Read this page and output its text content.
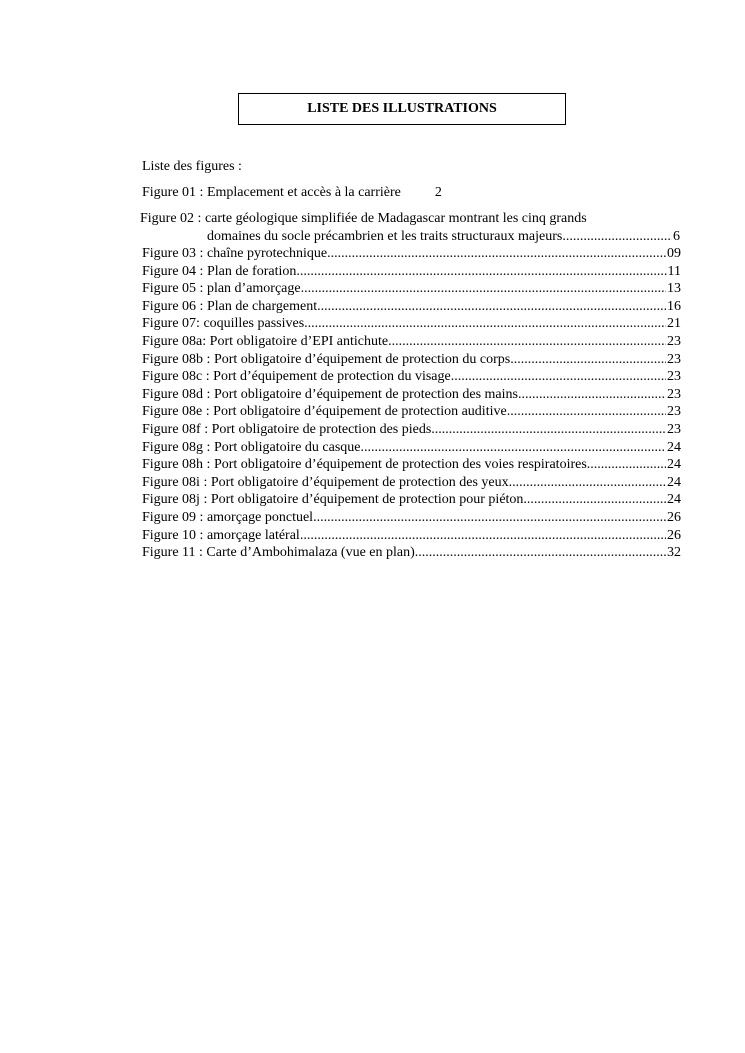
LISTE DES ILLUSTRATIONS
Liste des figures :
Figure 01 : Emplacement et accès à la carrière 2
Figure 02 : carte géologique simplifiée de Madagascar montrant les cinq grands
domaines du socle précambrien et les traits structuraux majeurs .....	6
Figure 03 : chaîne pyrotechnique .....	09
Figure 04 : Plan de foration .....	11
Figure 05 : plan d’amorçage .....	13
Figure 06 : Plan de chargement .....	16
Figure 07: coquilles passives .....	21
Figure 08a: Port obligatoire d’EPI antichute .....	23
Figure 08b : Port obligatoire d’équipement de protection du corps .....	23
Figure 08c : Port d’équipement de protection du visage .....	23
Figure 08d : Port obligatoire d’équipement de protection des mains .....	23
Figure 08e : Port obligatoire d’équipement de protection auditive .....	23
Figure 08f : Port obligatoire de protection des pieds .....	23
Figure 08g : Port obligatoire du casque .....	24
Figure 08h : Port obligatoire d’équipement de protection des voies respiratoires .....	24
Figure 08i : Port obligatoire d’équipement de protection des yeux .....	24
Figure 08j : Port obligatoire d’équipement de protection pour piéton .....	24
Figure 09 : amorçage ponctuel .....	26
Figure 10 : amorçage latéral .....	26
Figure 11 : Carte d’Ambohimalaza (vue en plan) .....	32
